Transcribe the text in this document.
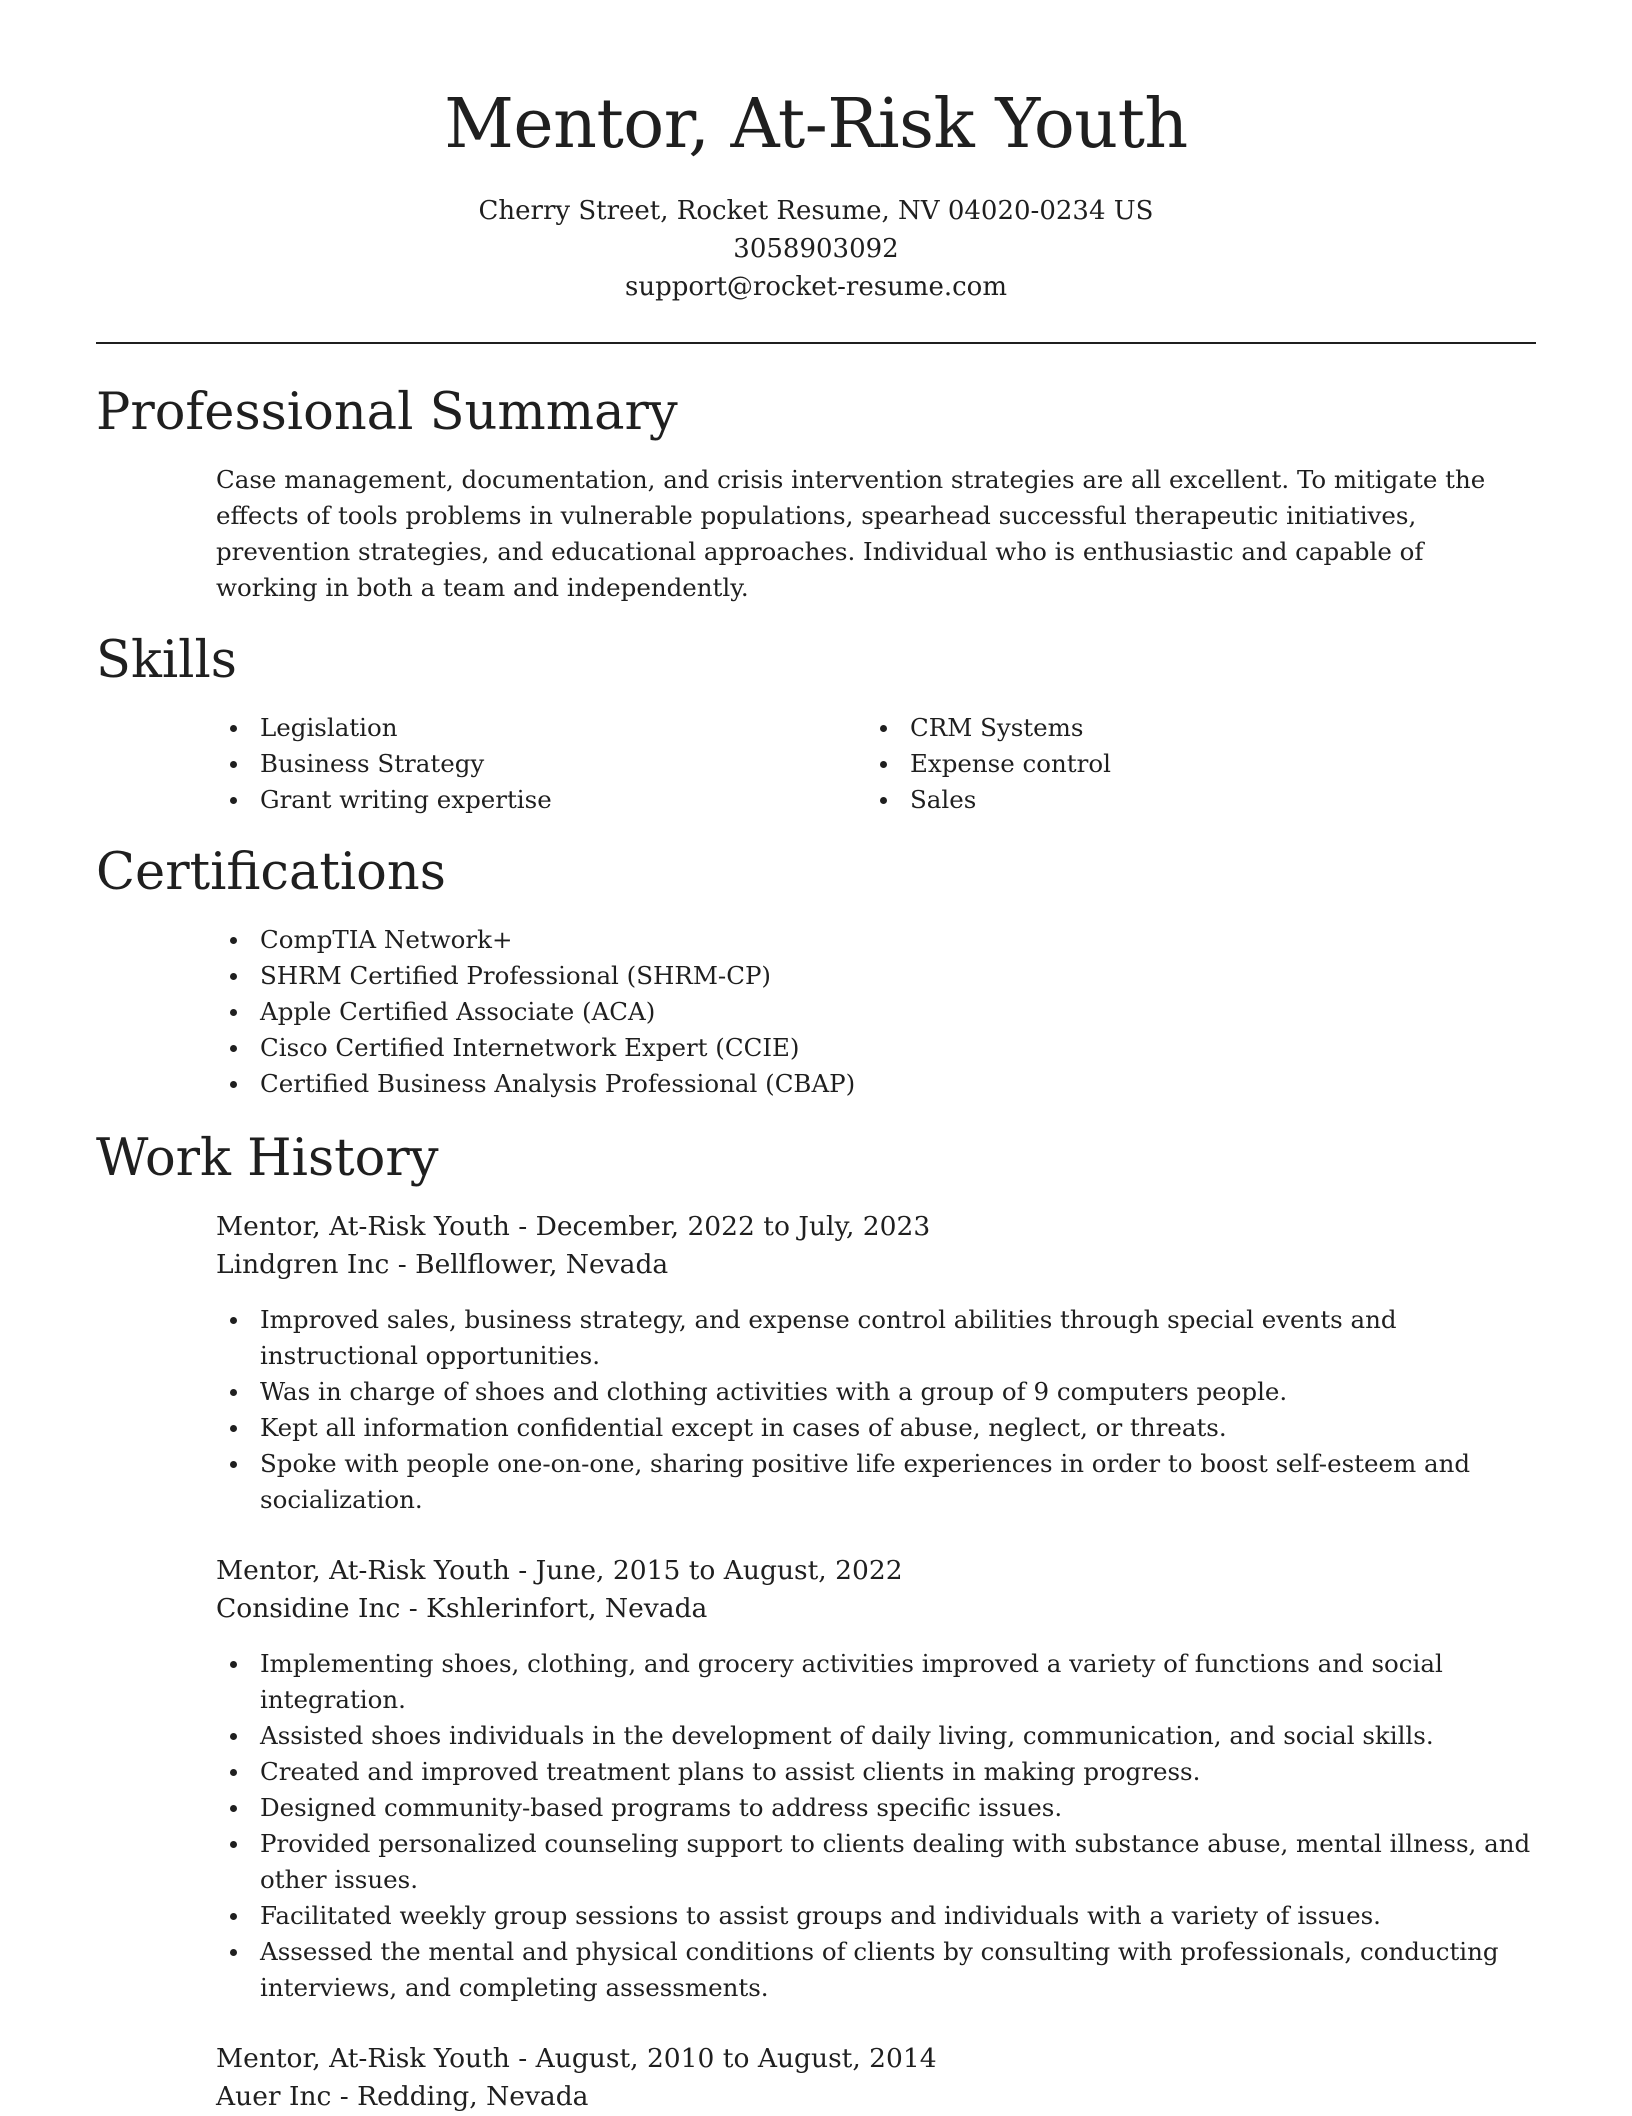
Mentor, At-Risk Youth
Cherry Street, Rocket Resume, NV 04020-0234 US
3058903092
support@rocket-resume.com
Professional Summary

Case management, documentation, and crisis intervention strategies are all excellent. To mitigate the effects of tools problems in vulnerable populations, spearhead successful therapeutic initiatives, prevention strategies, and educational approaches. Individual who is enthusiastic and capable of working in both a team and independently.

Skills
Legislation
Business Strategy
Grant writing expertise
CRM Systems
Expense control
Sales
Certifications
CompTIA Network+
SHRM Certified Professional (SHRM-CP)
Apple Certified Associate (ACA)
Cisco Certified Internetwork Expert (CCIE)
Certified Business Analysis Professional (CBAP)
Work History
Mentor, At-Risk Youth - December, 2022 to July, 2023
Lindgren Inc - Bellflower, Nevada
Improved sales, business strategy, and expense control abilities through special events and instructional opportunities.
Was in charge of shoes and clothing activities with a group of 9 computers people.
Kept all information confidential except in cases of abuse, neglect, or threats.
Spoke with people one-on-one, sharing positive life experiences in order to boost self-esteem and socialization.
Mentor, At-Risk Youth - June, 2015 to August, 2022
Considine Inc - Kshlerinfort, Nevada
Implementing shoes, clothing, and grocery activities improved a variety of functions and social integration.
Assisted shoes individuals in the development of daily living, communication, and social skills.
Created and improved treatment plans to assist clients in making progress.
Designed community-based programs to address specific issues.
Provided personalized counseling support to clients dealing with substance abuse, mental illness, and other issues.
Facilitated weekly group sessions to assist groups and individuals with a variety of issues.
Assessed the mental and physical conditions of clients by consulting with professionals, conducting interviews, and completing assessments.
Mentor, At-Risk Youth - August, 2010 to August, 2014
Auer Inc - Redding, Nevada
